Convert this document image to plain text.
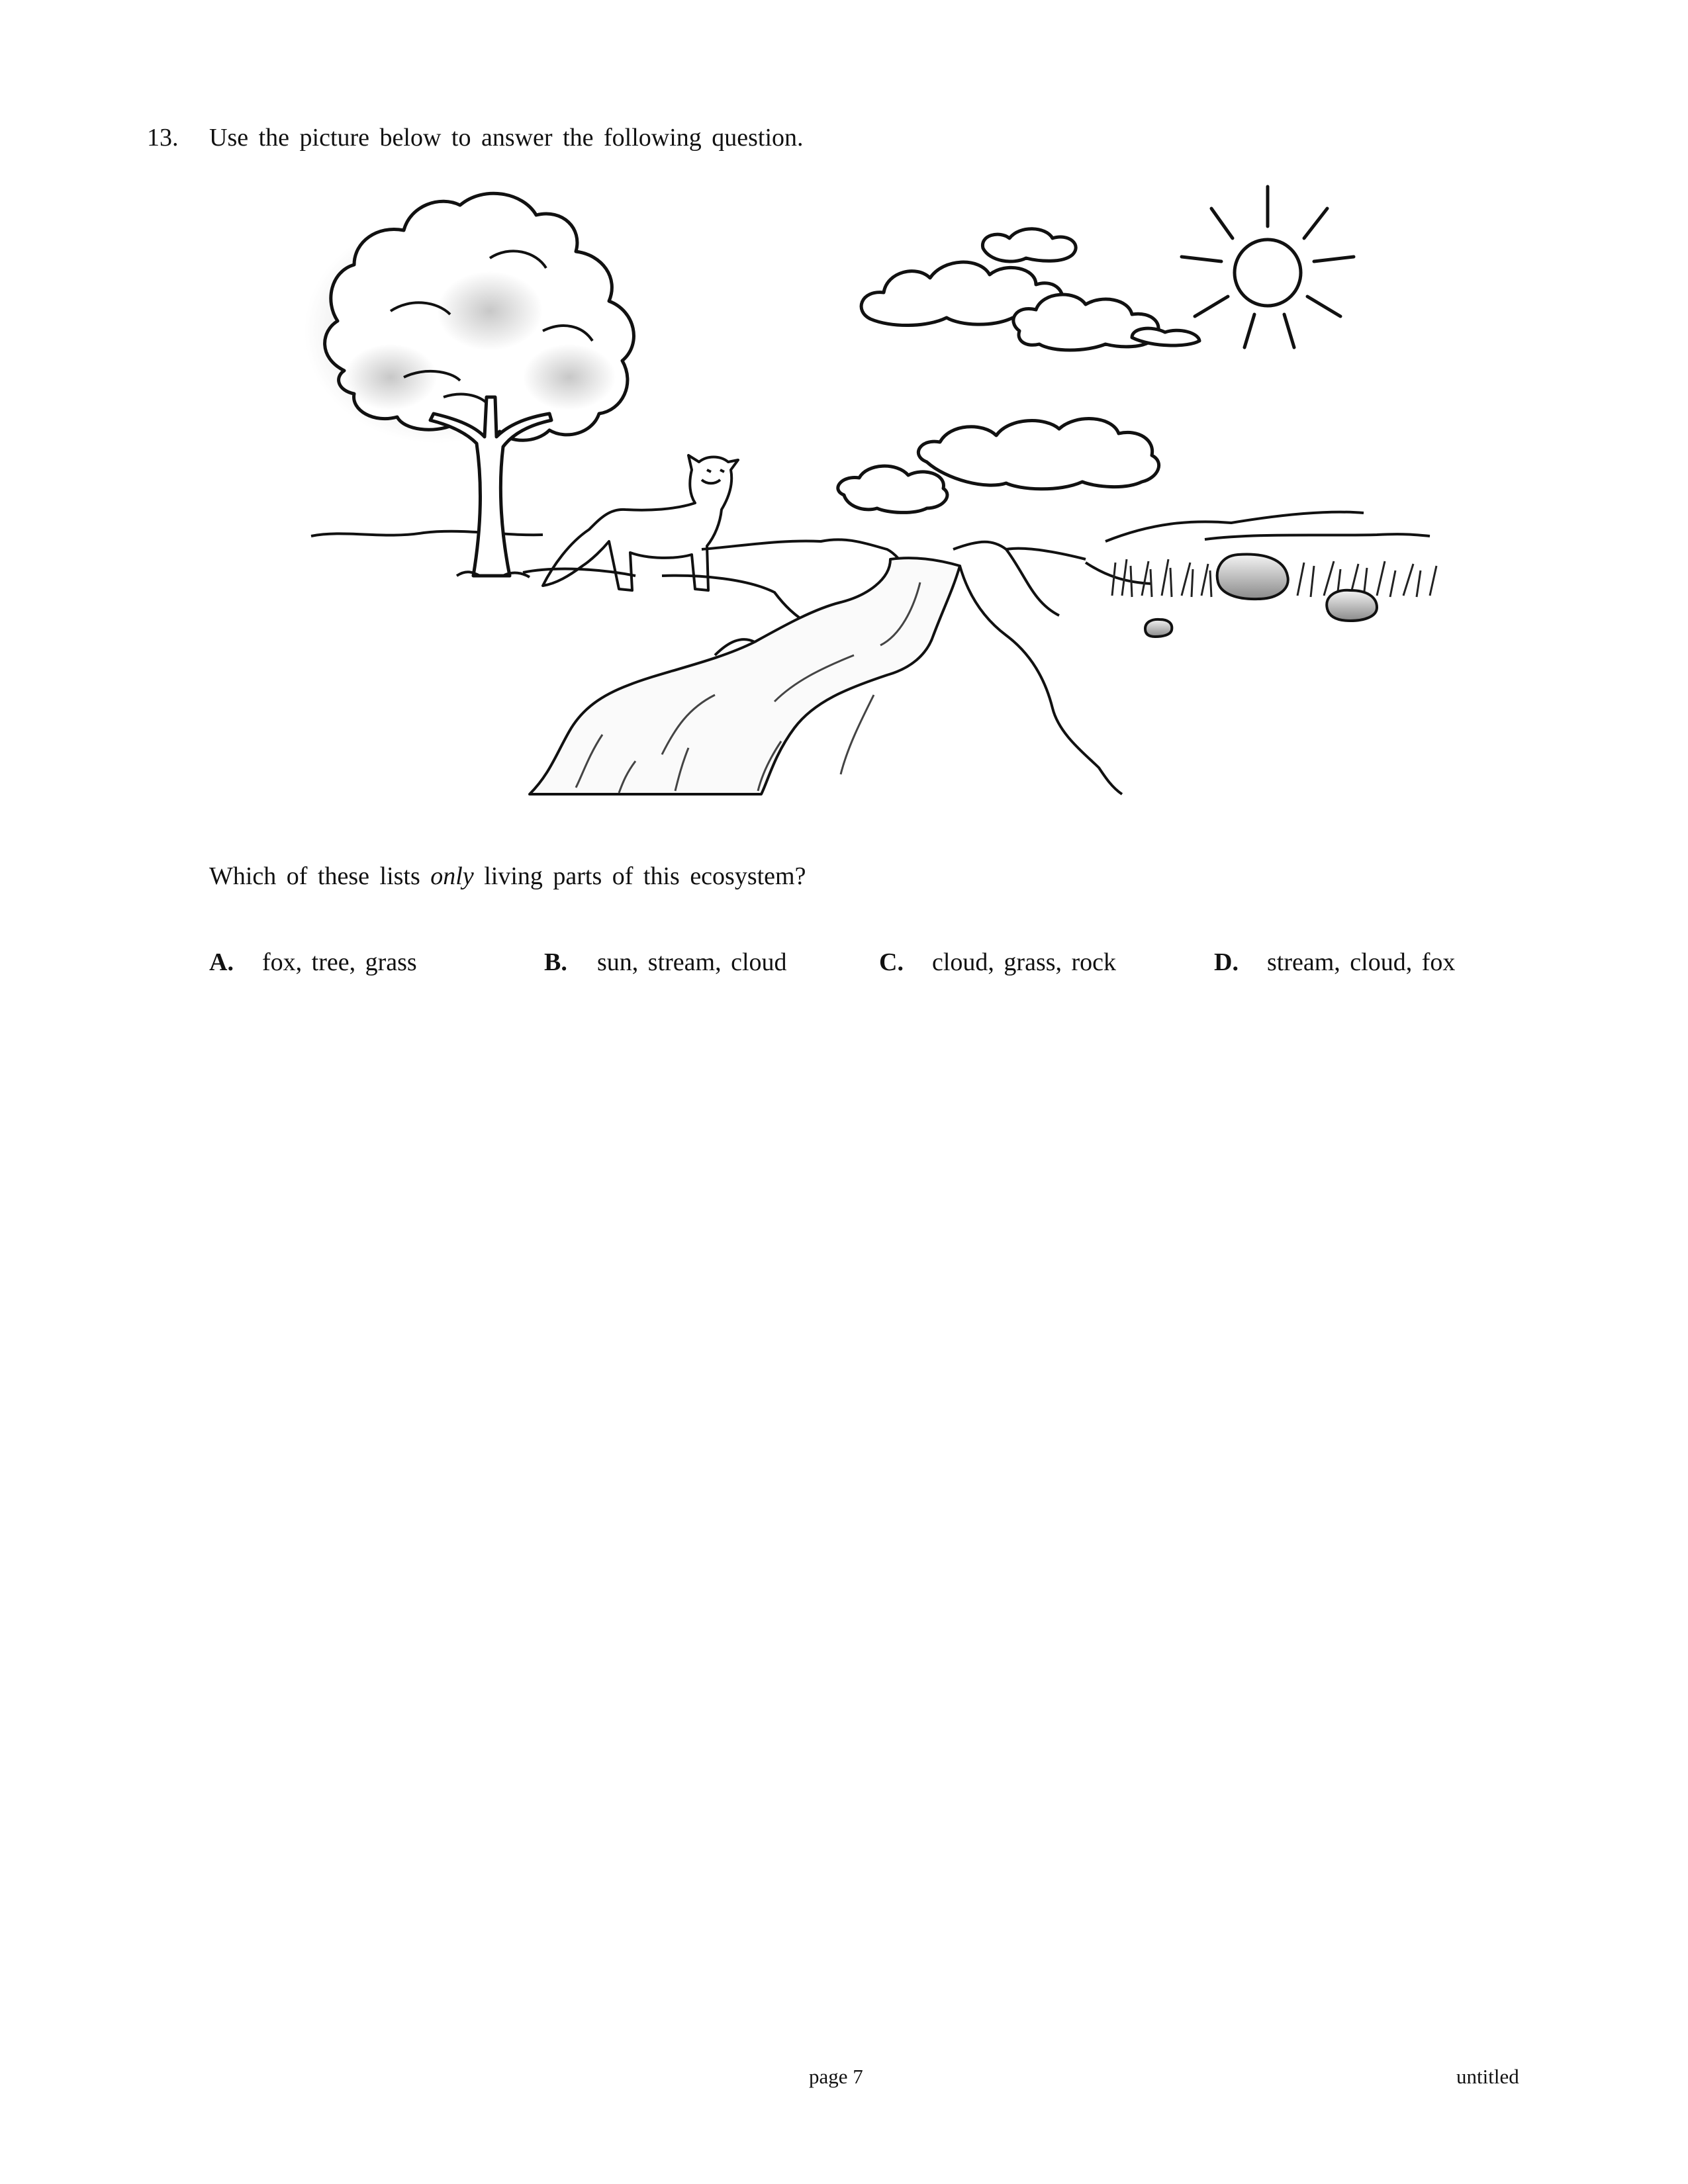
13. Use the picture below to answer the following question.
Which of these lists only living parts of this ecosystem?
A. fox, tree, grass	B. sun, stream, cloud	C. cloud, grass, rock	D. stream, cloud, fox
page 7	untitled
